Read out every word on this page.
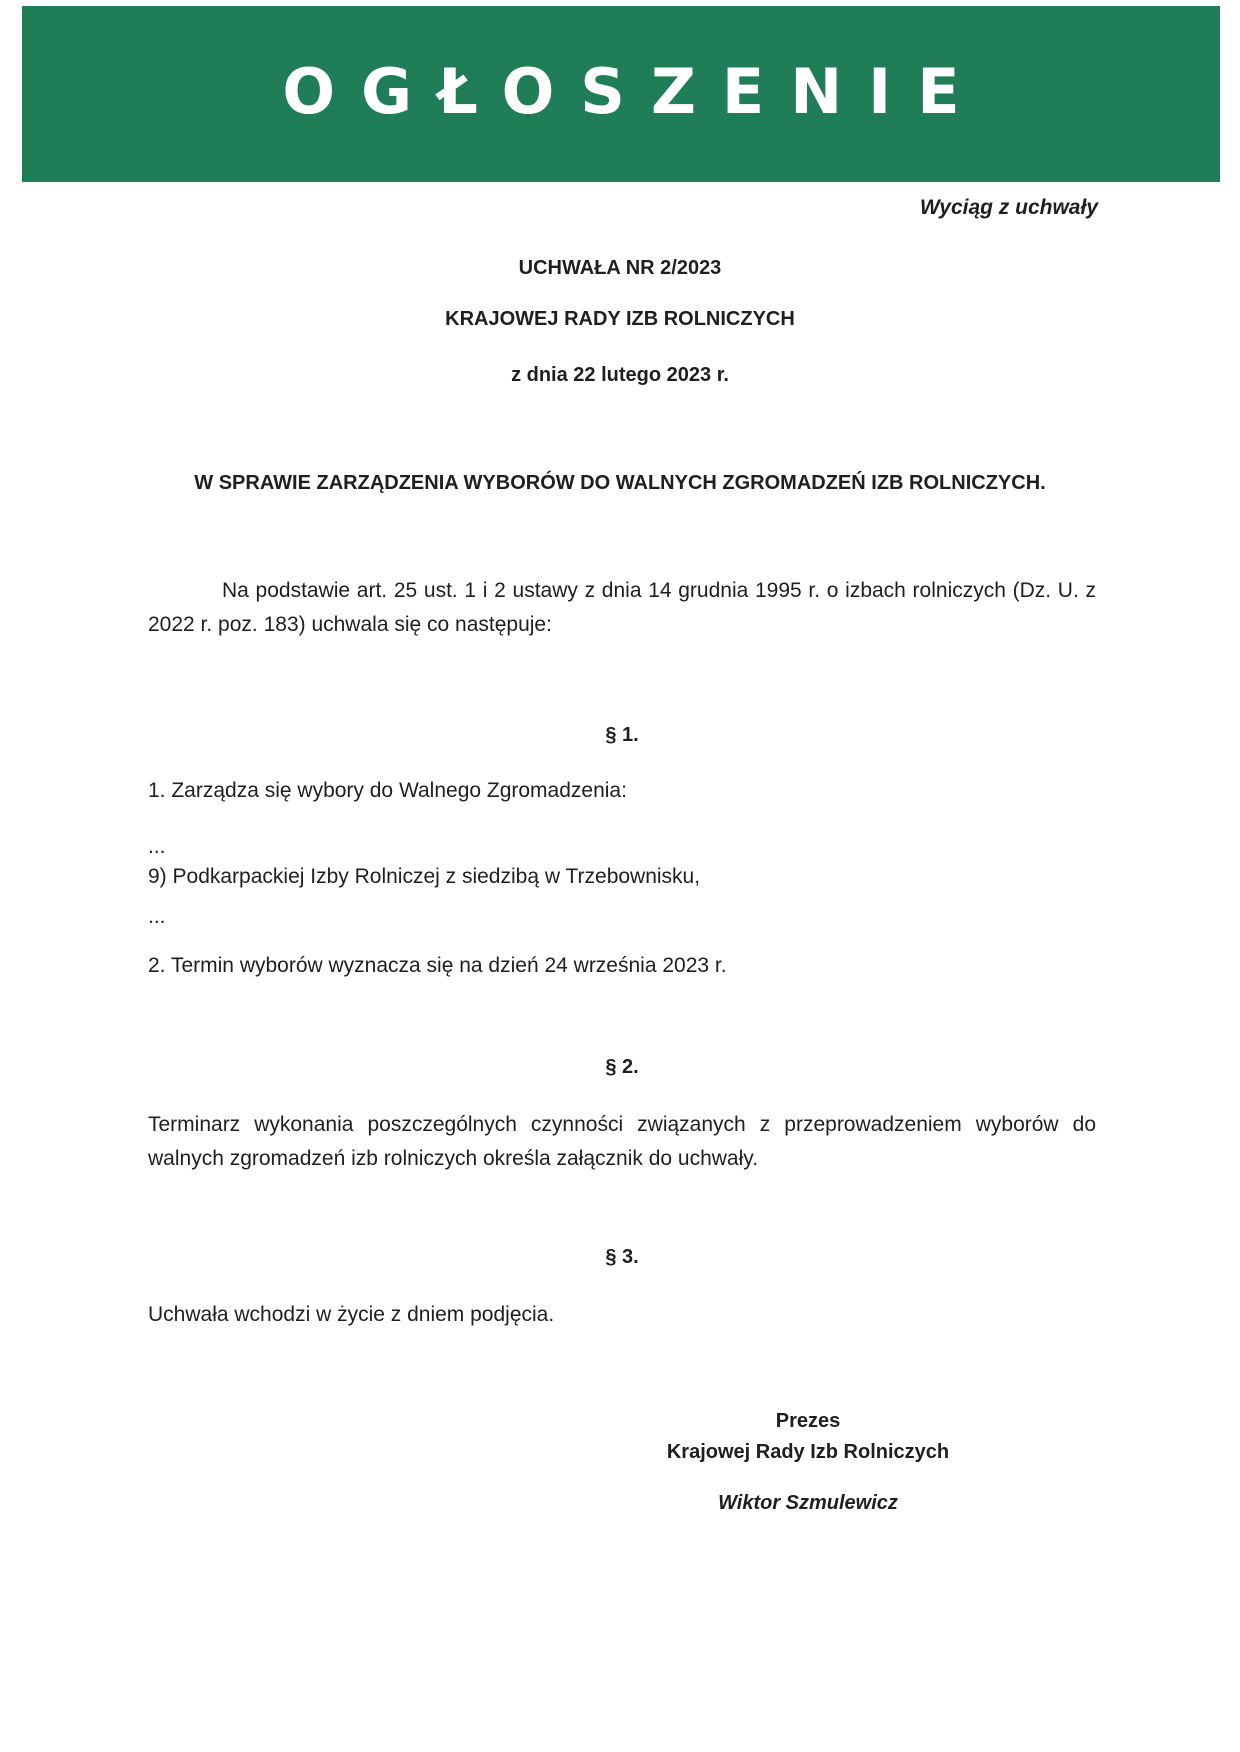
OGŁOSZENIE
Wyciąg z uchwały
UCHWAŁA NR 2/2023
KRAJOWEJ RADY IZB ROLNICZYCH
z dnia 22 lutego 2023 r.
W SPRAWIE ZARZĄDZENIA WYBORÓW DO WALNYCH ZGROMADZEŃ IZB ROLNICZYCH.
Na podstawie art. 25 ust. 1 i 2 ustawy z dnia 14 grudnia 1995 r. o izbach rolniczych (Dz. U. z 2022 r. poz. 183) uchwala się co następuje:
§ 1.
1. Zarządza się wybory do Walnego Zgromadzenia:
...
9) Podkarpackiej Izby Rolniczej z siedzibą w Trzebownisku,
...
2. Termin wyborów wyznacza się na dzień 24 września 2023 r.
§ 2.
Terminarz wykonania poszczególnych czynności związanych z przeprowadzeniem wyborów do walnych zgromadzeń izb rolniczych określa załącznik do uchwały.
§ 3.
Uchwała wchodzi w życie z dniem podjęcia.
Prezes
Krajowej Rady Izb Rolniczych
Wiktor Szmulewicz
